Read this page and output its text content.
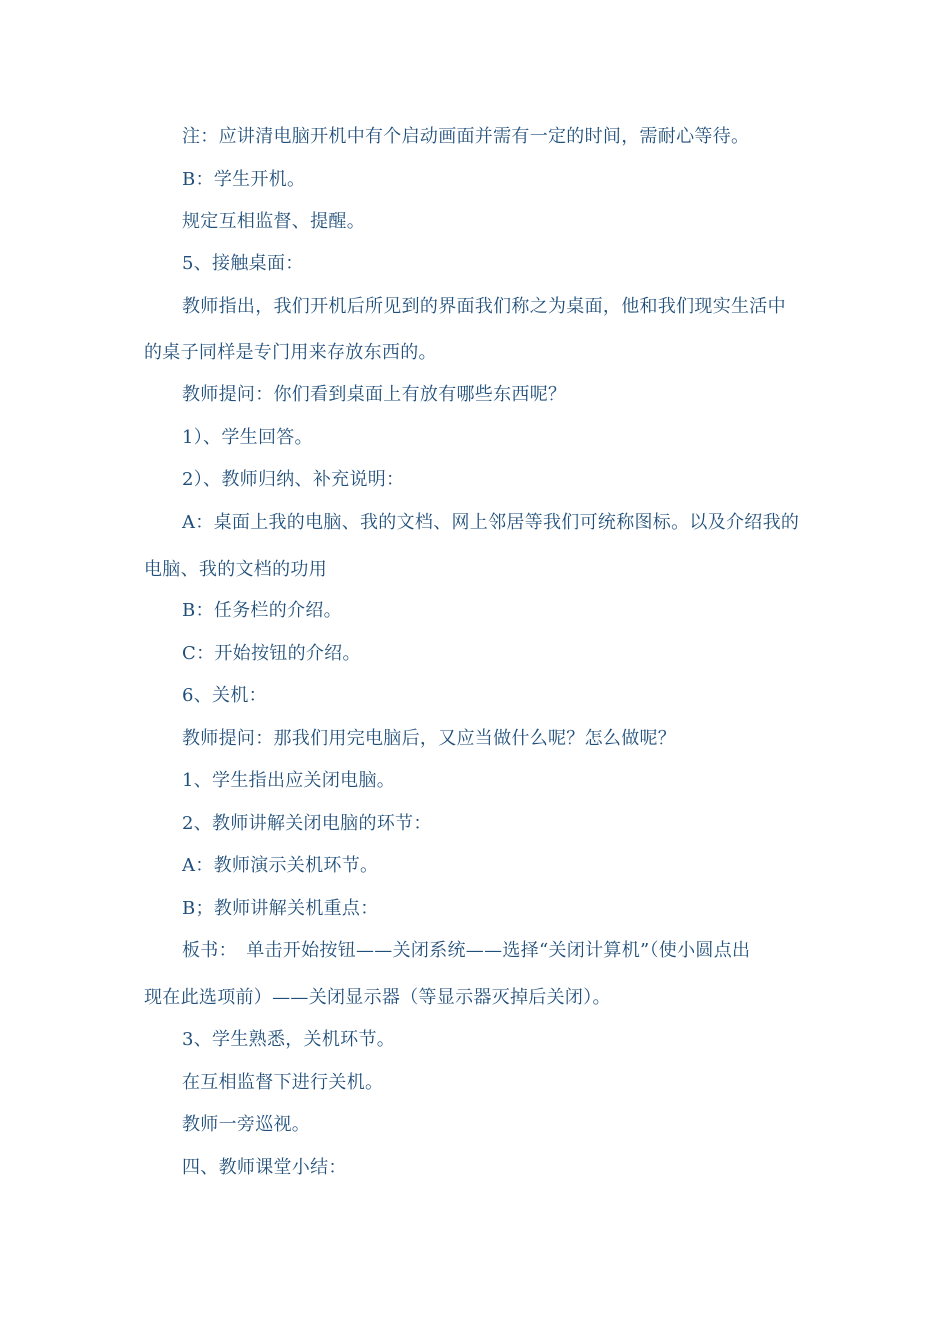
注：应讲清电脑开机中有个启动画面并需有一定的时间，需耐心等待。

B：学生开机。

规定互相监督、提醒。

5、接触桌面：

教师指出，我们开机后所见到的界面我们称之为桌面，他和我们现实生活中

的桌子同样是专门用来存放东西的。

教师提问：你们看到桌面上有放有哪些东西呢？

1）、学生回答。

2）、教师归纳、补充说明：

A：桌面上我的电脑、我的文档、网上邻居等我们可统称图标。以及介绍我的

电脑、我的文档的功用

B：任务栏的介绍。

C：开始按钮的介绍。

6、关机：

教师提问：那我们用完电脑后，又应当做什么呢？怎么做呢？

1、学生指出应关闭电脑。

2、教师讲解关闭电脑的环节：

A：教师演示关机环节。

B；教师讲解关机重点：

板书：　单击开始按钮——关闭系统——选择“关闭计算机”（使小圆点出

现在此选项前）——关闭显示器（等显示器灭掉后关闭）。

3、学生熟悉，关机环节。

在互相监督下进行关机。

教师一旁巡视。

四、教师课堂小结：
